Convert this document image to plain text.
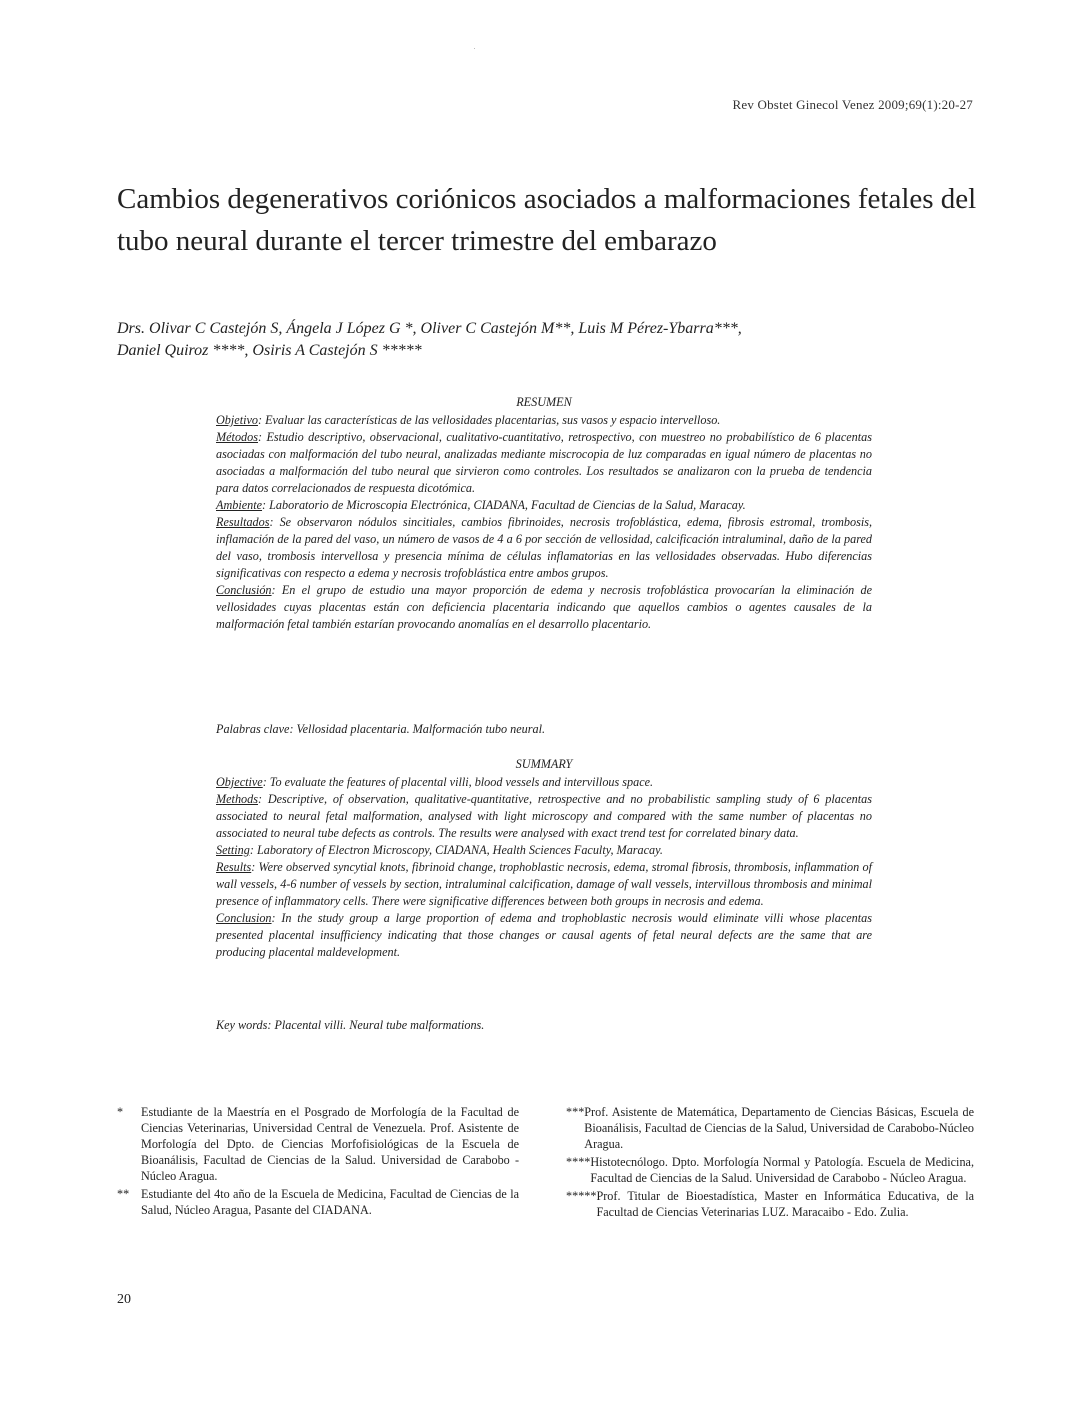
Rev Obstet Ginecol Venez 2009;69(1):20-27
Cambios degenerativos coriónicos asociados a malformaciones fetales del tubo neural durante el tercer trimestre del embarazo
Drs. Olivar C Castejón S, Ángela J López G *, Oliver C Castejón M**, Luis M Pérez-Ybarra***,
Daniel Quiroz ****, Osiris A Castejón S *****

RESUMEN

Objetivo: Evaluar las características de las vellosidades placentarias, sus vasos y espacio intervelloso.

Métodos: Estudio descriptivo, observacional, cualitativo-cuantitativo, retrospectivo, con muestreo no probabilístico de 6 placentas asociadas con malformación del tubo neural, analizadas mediante miscrocopia de luz comparadas en igual número de placentas no asociadas a malformación del tubo neural que sirvieron como controles. Los resultados se analizaron con la prueba de tendencia para datos correlacionados de respuesta dicotómica.

Ambiente: Laboratorio de Microscopia Electrónica, CIADANA, Facultad de Ciencias de la Salud, Maracay.

Resultados: Se observaron nódulos sincitiales, cambios fibrinoides, necrosis trofoblástica, edema, fibrosis estromal, trombosis, inflamación de la pared del vaso, un número de vasos de 4 a 6 por sección de vellosidad, calcificación intraluminal, daño de la pared del vaso, trombosis intervellosa y presencia mínima de células inflamatorias en las vellosidades observadas. Hubo diferencias significativas con respecto a edema y necrosis trofoblástica entre ambos grupos.

Conclusión: En el grupo de estudio una mayor proporción de edema y necrosis trofoblástica provocarían la eliminación de vellosidades cuyas placentas están con deficiencia placentaria indicando que aquellos cambios o agentes causales de la malformación fetal también estarían provocando anomalías en el desarrollo placentario.

Palabras clave: Vellosidad placentaria. Malformación tubo neural.

SUMMARY

Objective: To evaluate the features of placental villi, blood vessels and intervillous space.

Methods: Descriptive, of observation, qualitative-quantitative, retrospective and no probabilistic sampling study of 6 placentas associated to neural fetal malformation, analysed with light microscopy and compared with the same number of placentas no associated to neural tube defects as controls. The results were analysed with exact trend test for correlated binary data.

Setting: Laboratory of Electron Microscopy, CIADANA, Health Sciences Faculty, Maracay.

Results: Were observed syncytial knots, fibrinoid change, trophoblastic necrosis, edema, stromal fibrosis, thrombosis, inflammation of wall vessels, 4-6 number of vessels by section, intraluminal calcification, damage of wall vessels, intervillous thrombosis and minimal presence of inflammatory cells. There were significative differences between both groups in necrosis and edema.

Conclusion: In the study group a large proportion of edema and trophoblastic necrosis would eliminate villi whose placentas presented placental insufficiency indicating that those changes or causal agents of fetal neural defects are the same that are producing placental maldevelopment.

Key words: Placental villi. Neural tube malformations.
*	Estudiante de la Maestría en el Posgrado de Morfología de la Facultad de Ciencias Veterinarias, Universidad Central de Venezuela. Prof. Asistente de Morfología del Dpto. de Ciencias Morfofisiológicas de la Escuela de Bioanálisis, Facultad de Ciencias de la Salud. Universidad de Carabobo - Núcleo Aragua.
** Estudiante del 4to año de la Escuela de Medicina, Facultad de Ciencias de la Salud, Núcleo Aragua, Pasante del CIADANA.
*** Prof. Asistente de Matemática, Departamento de Ciencias Básicas, Escuela de Bioanálisis, Facultad de Ciencias de la Salud, Universidad de Carabobo-Núcleo Aragua.
**** Histotecnólogo. Dpto. Morfología Normal y Patología. Escuela de Medicina, Facultad de Ciencias de la Salud. Universidad de Carabobo - Núcleo Aragua.
***** Prof. Titular de Bioestadística, Master en Informática Educativa, de la Facultad de Ciencias Veterinarias LUZ. Maracaibo - Edo. Zulia.
20
